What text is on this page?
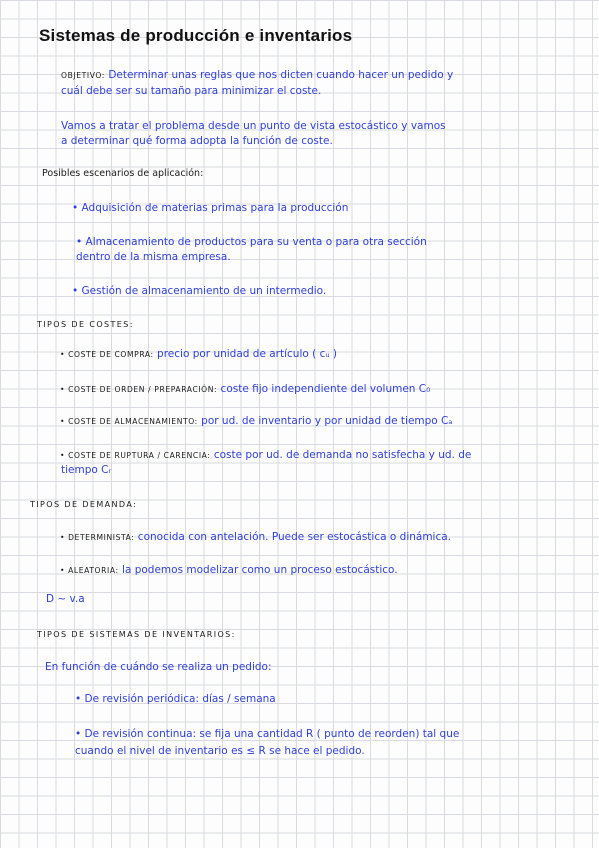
Sistemas de producción e inventarios
OBJETIVO: Determinar unas reglas que nos dicten cuando hacer un pedido y
cuál debe ser su tamaño para minimizar el coste.
Vamos a tratar el problema desde un punto de vista estocástico y vamos
a determinar qué forma adopta la función de coste.
Posibles escenarios de aplicación:
• Adquisición de materias primas para la producción
• Almacenamiento de productos para su venta o para otra sección
dentro de la misma empresa.
• Gestión de almacenamiento de un intermedio.
TIPOS DE COSTES:
• COSTE DE COMPRA: precio por unidad de artículo ( cᵤ )
• COSTE DE ORDEN / PREPARACIÓN: coste fijo independiente del volumen C₀
• COSTE DE ALMACENAMIENTO: por ud. de inventario y por unidad de tiempo Cₐ
• COSTE DE RUPTURA / CARENCIA: coste por ud. de demanda no satisfecha y ud. de
tiempo Cᵣ
TIPOS DE DEMANDA:
• DETERMINISTA: conocida con antelación. Puede ser estocástica o dinámica.
• ALEATORIA: la podemos modelizar como un proceso estocástico.
D ~ v.a
TIPOS DE SISTEMAS DE INVENTARIOS:
En función de cuándo se realiza un pedido:
• De revisión periódica: días / semana
• De revisión continua: se fija una cantidad R ( punto de reorden) tal que
cuando el nivel de inventario es ≤ R se hace el pedido.
